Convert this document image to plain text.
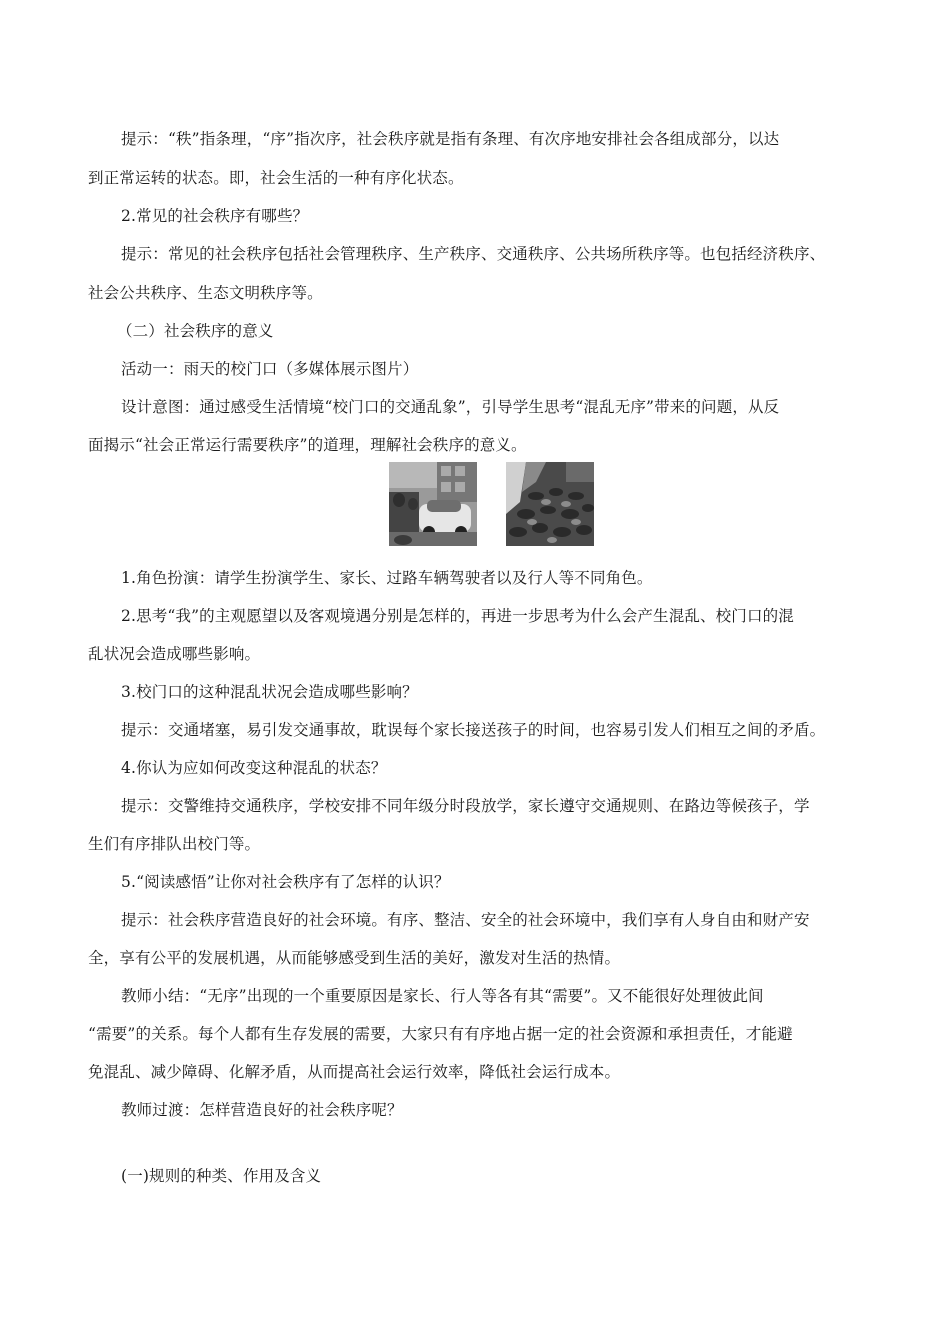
提示：“秩”指条理，“序”指次序，社会秩序就是指有条理、有次序地安排社会各组成部分，以达
到正常运转的状态。即，社会生活的一种有序化状态。
2.常见的社会秩序有哪些？
提示：常见的社会秩序包括社会管理秩序、生产秩序、交通秩序、公共场所秩序等。也包括经济秩序、
社会公共秩序、生态文明秩序等。
（二）社会秩序的意义
活动一：雨天的校门口（多媒体展示图片）
设计意图：通过感受生活情境“校门口的交通乱象”，引导学生思考“混乱无序”带来的问题，从反
面揭示“社会正常运行需要秩序”的道理，理解社会秩序的意义。
1.角色扮演：请学生扮演学生、家长、过路车辆驾驶者以及行人等不同角色。
2.思考“我”的主观愿望以及客观境遇分别是怎样的，再进一步思考为什么会产生混乱、校门口的混
乱状况会造成哪些影响。
3.校门口的这种混乱状况会造成哪些影响？
提示：交通堵塞，易引发交通事故，耽误每个家长接送孩子的时间，也容易引发人们相互之间的矛盾。
4.你认为应如何改变这种混乱的状态？
提示：交警维持交通秩序，学校安排不同年级分时段放学，家长遵守交通规则、在路边等候孩子，学
生们有序排队出校门等。
5.“阅读感悟”让你对社会秩序有了怎样的认识？
提示：社会秩序营造良好的社会环境。有序、整洁、安全的社会环境中，我们享有人身自由和财产安
全，享有公平的发展机遇，从而能够感受到生活的美好，激发对生活的热情。
教师小结：“无序”出现的一个重要原因是家长、行人等各有其“需要”。又不能很好处理彼此间
“需要”的关系。每个人都有生存发展的需要，大家只有有序地占据一定的社会资源和承担责任，才能避
免混乱、减少障碍、化解矛盾，从而提高社会运行效率，降低社会运行成本。
教师过渡：怎样营造良好的社会秩序呢？
(一)规则的种类、作用及含义
